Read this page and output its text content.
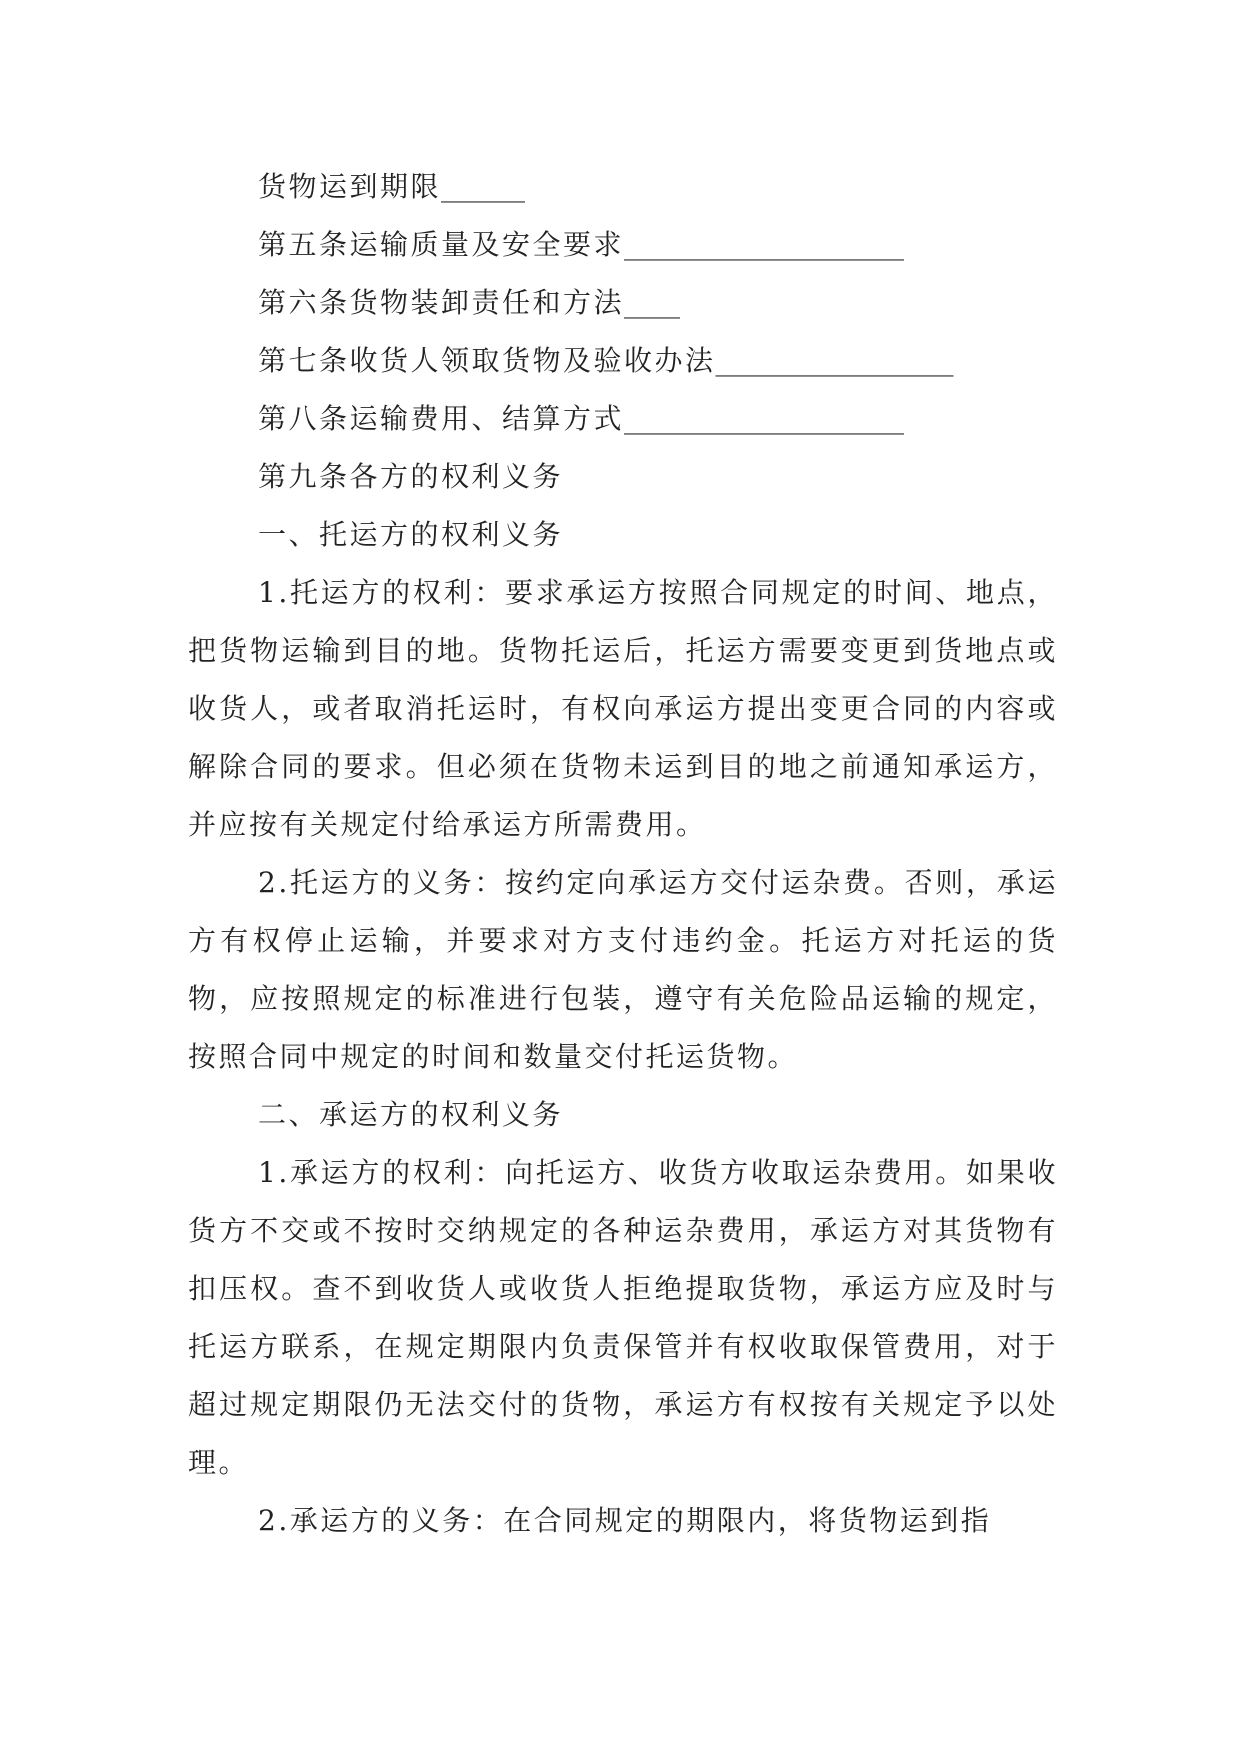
货物运到期限______
第五条运输质量及安全要求____________________
第六条货物装卸责任和方法____
第七条收货人领取货物及验收办法_________________
第八条运输费用、结算方式____________________
第九条各方的权利义务
一、托运方的权利义务

1.托运方的权利：要求承运方按照合同规定的时间、地点，把货物运输到目的地。货物托运后，托运方需要变更到货地点或收货人，或者取消托运时，有权向承运方提出变更合同的内容或解除合同的要求。但必须在货物未运到目的地之前通知承运方，并应按有关规定付给承运方所需费用。

2.托运方的义务：按约定向承运方交付运杂费。否则，承运方有权停止运输，并要求对方支付违约金。托运方对托运的货物，应按照规定的标准进行包装，遵守有关危险品运输的规定，按照合同中规定的时间和数量交付托运货物。

二、承运方的权利义务

1.承运方的权利：向托运方、收货方收取运杂费用。如果收货方不交或不按时交纳规定的各种运杂费用，承运方对其货物有扣压权。查不到收货人或收货人拒绝提取货物，承运方应及时与托运方联系，在规定期限内负责保管并有权收取保管费用，对于超过规定期限仍无法交付的货物，承运方有权按有关规定予以处理。

2.承运方的义务：在合同规定的期限内，将货物运到指
